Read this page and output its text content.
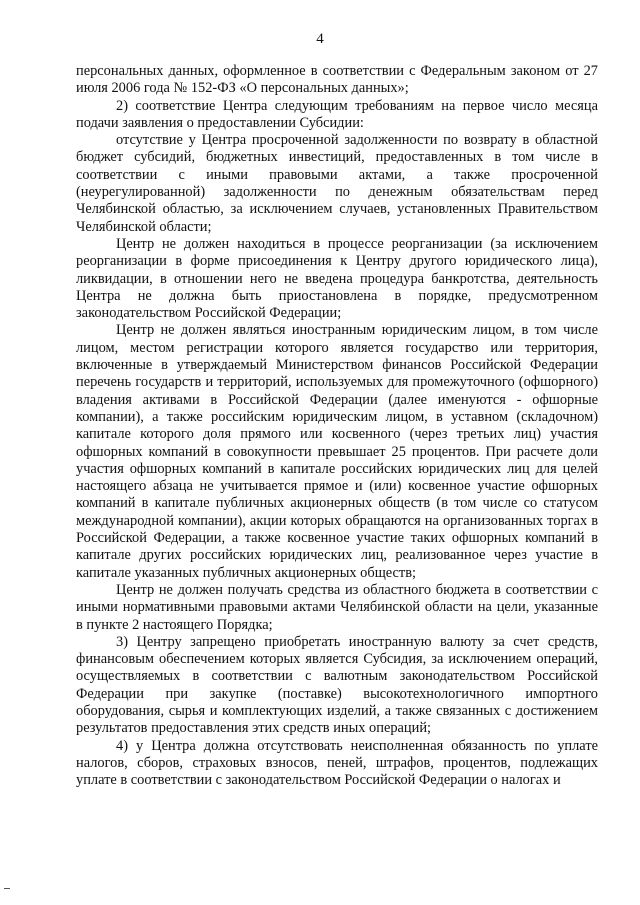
4

персональных данных, оформленное в соответствии с Федеральным законом от 27 июля 2006 года № 152-ФЗ «О персональных данных»;

2) соответствие Центра следующим требованиям на первое число месяца подачи заявления о предоставлении Субсидии:

отсутствие у Центра просроченной задолженности по возврату в областной бюджет субсидий, бюджетных инвестиций, предоставленных в том числе в соответствии с иными правовыми актами, а также просроченной (неурегулированной) задолженности по денежным обязательствам перед Челябинской областью, за исключением случаев, установленных Правительством Челябинской области;

Центр не должен находиться в процессе реорганизации (за исключением реорганизации в форме присоединения к Центру другого юридического лица), ликвидации, в отношении него не введена процедура банкротства, деятельность Центра не должна быть приостановлена в порядке, предусмотренном законодательством Российской Федерации;

Центр не должен являться иностранным юридическим лицом, в том числе лицом, местом регистрации которого является государство или территория, включенные в утверждаемый Министерством финансов Российской Федерации перечень государств и территорий, используемых для промежуточного (офшорного) владения активами в Российской Федерации (далее именуются - офшорные компании), а также российским юридическим лицом, в уставном (складочном) капитале которого доля прямого или косвенного (через третьих лиц) участия офшорных компаний в совокупности превышает 25 процентов. При расчете доли участия офшорных компаний в капитале российских юридических лиц для целей настоящего абзаца не учитывается прямое и (или) косвенное участие офшорных компаний в капитале публичных акционерных обществ (в том числе со статусом международной компании), акции которых обращаются на организованных торгах в Российской Федерации, а также косвенное участие таких офшорных компаний в капитале других российских юридических лиц, реализованное через участие в капитале указанных публичных акционерных обществ;

Центр не должен получать средства из областного бюджета в соответствии с иными нормативными правовыми актами Челябинской области на цели, указанные в пункте 2 настоящего Порядка;

3) Центру запрещено приобретать иностранную валюту за счет средств, финансовым обеспечением которых является Субсидия, за исключением операций, осуществляемых в соответствии с валютным законодательством Российской Федерации при закупке (поставке) высокотехнологичного импортного оборудования, сырья и комплектующих изделий, а также связанных с достижением результатов предоставления этих средств иных операций;

4) у Центра должна отсутствовать неисполненная обязанность по уплате налогов, сборов, страховых взносов, пеней, штрафов, процентов, подлежащих уплате в соответствии с законодательством Российской Федерации о налогах и
